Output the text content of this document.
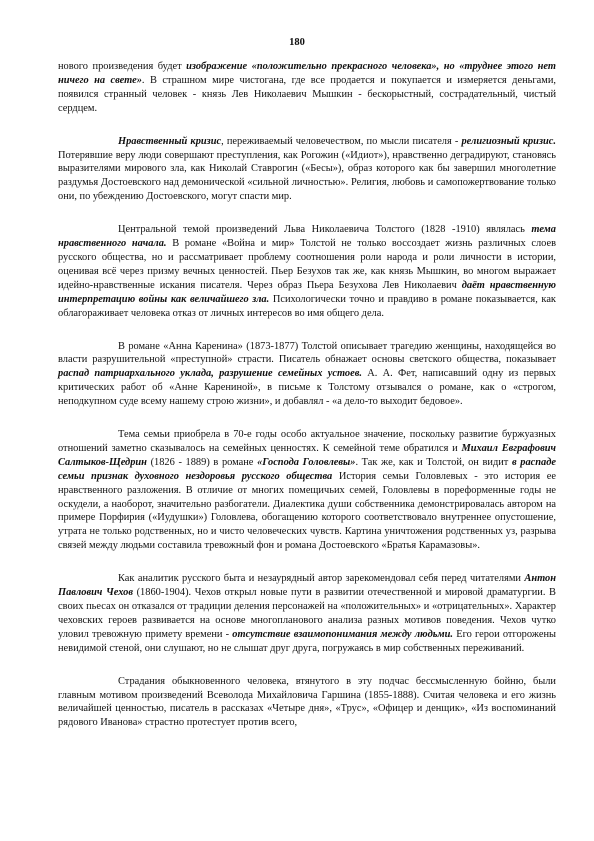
180

нового произведения будет изображение «положительно прекрасного человека», но «труднее этого нет ничего на свете». В страшном мире чистогана, где все продается и покупается и измеряется деньгами, появился странный человек - князь Лев Николаевич Мышкин - бескорыстный, сострадательный, чистый сердцем.

Нравственный кризис, переживаемый человечеством, по мысли писателя - религиозный кризис. Потерявшие веру люди совершают преступления, как Рогожин («Идиот»), нравственно деградируют, становясь выразителями мирового зла, как Николай Ставрогин («Бесы»), образ которого как бы завершил многолетние раздумья Достоевского над демонической «сильной личностью». Религия, любовь и самопожертвование только они, по убеждению Достоевского, могут спасти мир.

Центральной темой произведений Льва Николаевича Толстого (1828 -1910) являлась тема нравственного начала. В романе «Война и мир» Толстой не только воссоздает жизнь различных слоев русского общества, но и рассматривает проблему соотношения роли народа и роли личности в истории, оценивая всё через призму вечных ценностей. Пьер Безухов так же, как князь Мышкин, во многом выражает идейно-нравственные искания писателя. Через образ Пьера Безухова Лев Николаевич даёт нравственную интерпретацию войны как величайшего зла. Психологически точно и правдиво в романе показывается, как облагораживает человека отказ от личных интересов во имя общего дела.

В романе «Анна Каренина» (1873-1877) Толстой описывает трагедию женщины, находящейся во власти разрушительной «преступной» страсти. Писатель обнажает основы светского общества, показывает распад патриархального уклада, разрушение семейных устоев. А. А. Фет, написавший одну из первых критических работ об «Анне Карениной», в письме к Толстому отзывался о романе, как о «строгом, неподкупном суде всему нашему строю жизни», и добавлял - «а дело-то выходит бедовое».

Тема семьи приобрела в 70-е годы особо актуальное значение, поскольку развитие буржуазных отношений заметно сказывалось на семейных ценностях. К семейной теме обратился и Михаил Евграфович Салтыков-Щедрин (1826 - 1889) в романе «Господа Головлевы». Так же, как и Толстой, он видит в распаде семьи признак духовного нездоровья русского общества История семьи Головлевых - это история ее нравственного разложения. В отличие от многих помещичьих семей, Головлевы в пореформенные годы не оскудели, а наоборот, значительно разбогатели. Диалектика души собственника демонстрировалась автором на примере Порфирия («Иудушки») Головлева, обогащению которого соответствовало внутреннее опустошение, утрата не только родственных, но и чисто человеческих чувств. Картина уничтожения родственных уз, разрыва связей между людьми составила тревожный фон и романа Достоевского «Братья Карамазовы».

Как аналитик русского быта и незаурядный автор зарекомендовал себя перед читателями Антон Павлович Чехов (1860-1904). Чехов открыл новые пути в развитии отечественной и мировой драматургии. В своих пьесах он отказался от традиции деления персонажей на «положительных» и «отрицательных». Характер чеховских героев развивается на основе многопланового анализа разных мотивов поведения. Чехов чутко уловил тревожную примету времени - отсутствие взаимопонимания между людьми. Его герои отгорожены невидимой стеной, они слушают, но не слышат друг друга, погружаясь в мир собственных переживаний.

Страдания обыкновенного человека, втянутого в эту подчас бессмысленную бойню, были главным мотивом произведений Всеволода Михайловича Гаршина (1855-1888). Считая человека и его жизнь величайшей ценностью, писатель в рассказах «Четыре дня», «Трус», «Офицер и денщик», «Из воспоминаний рядового Иванова» страстно протестует против всего,
